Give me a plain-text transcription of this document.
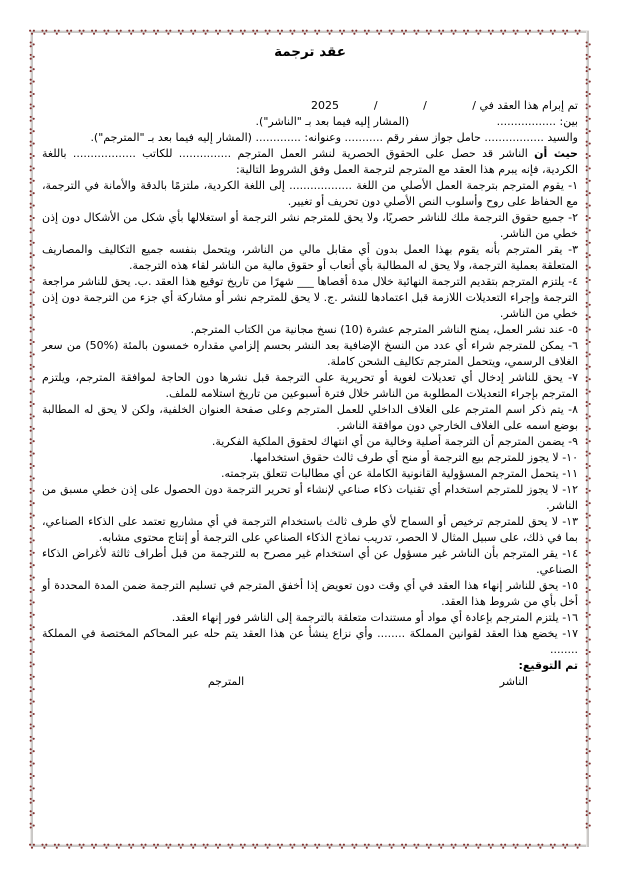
عقد ترجمة

تم إبرام هذا العقد في /             /             /          2025

بين: .................                         (المشار إليه فيما بعد بـ "الناشر").

والسيد ................. حامل جواز سفر رقم ........... وعنوانه: ............. (المشار إليه فيما بعد بـ "المترجم").

حيث أن الناشر قد حصل على الحقوق الحصرية لنشر العمل المترجم ............... للكاتب .................. باللغة الكردية، فإنه يبرم هذا العقد مع المترجم لترجمة العمل وفق الشروط التالية:

١- يقوم المترجم بترجمة العمل الأصلي من اللغة .................. إلى اللغة الكردية، ملتزمًا بالدقة والأمانة في الترجمة، مع الحفاظ على روح وأسلوب النص الأصلي دون تحريف أو تغيير.

٢- جميع حقوق الترجمة ملك للناشر حصريًا، ولا يحق للمترجم نشر الترجمة أو استغلالها بأي شكل من الأشكال دون إذن خطي من الناشر.

٣- يقر المترجم بأنه يقوم بهذا العمل بدون أي مقابل مالي من الناشر، ويتحمل بنفسه جميع التكاليف والمصاريف المتعلقة بعملية الترجمة، ولا يحق له المطالبة بأي أتعاب أو حقوق مالية من الناشر لقاء هذه الترجمة.

٤- يلتزم المترجم بتقديم الترجمة النهائية خلال مدة أقصاها ___ شهرًا من تاريخ توقيع هذا العقد .ب. يحق للناشر مراجعة الترجمة وإجراء التعديلات اللازمة قبل اعتمادها للنشر .ج. لا يحق للمترجم نشر أو مشاركة أي جزء من الترجمة دون إذن خطي من الناشر.

٥- عند نشر العمل، يمنح الناشر المترجم عشرة (10) نسخ مجانية من الكتاب المترجم.

٦- يمكن للمترجم شراء أي عدد من النسخ الإضافية بعد النشر بحسم إلزامي مقداره خمسون بالمئة (%50) من سعر الغلاف الرسمي، ويتحمل المترجم تكاليف الشحن كاملة.

٧- يحق للناشر إدخال أي تعديلات لغوية أو تحريرية على الترجمة قبل نشرها دون الحاجة لموافقة المترجم، ويلتزم المترجم بإجراء التعديلات المطلوبة من الناشر خلال فترة أسبوعين من تاريخ استلامه للملف.

٨- يتم ذكر اسم المترجم على الغلاف الداخلي للعمل المترجم وعلى صفحة العنوان الخلفية، ولكن لا يحق له المطالبة بوضع اسمه على الغلاف الخارجي دون موافقة الناشر.

٩- يضمن المترجم أن الترجمة أصلية وخالية من أي انتهاك لحقوق الملكية الفكرية.

١٠- لا يجوز للمترجم بيع الترجمة أو منح أي طرف ثالث حقوق استخدامها.

١١- يتحمل المترجم المسؤولية القانونية الكاملة عن أي مطالبات تتعلق بترجمته.

١٢- لا يجوز للمترجم استخدام أي تقنيات ذكاء صناعي لإنشاء أو تحرير الترجمة دون الحصول على إذن خطي مسبق من الناشر.

١٣- لا يحق للمترجم ترخيص أو السماح لأي طرف ثالث باستخدام الترجمة في أي مشاريع تعتمد على الذكاء الصناعي، بما في ذلك، على سبيل المثال لا الحصر، تدريب نماذج الذكاء الصناعي على الترجمة أو إنتاج محتوى مشابه.

١٤- يقر المترجم بأن الناشر غير مسؤول عن أي استخدام غير مصرح به للترجمة من قبل أطراف ثالثة لأغراض الذكاء الصناعي.

١٥- يحق للناشر إنهاء هذا العقد في أي وقت دون تعويض إذا أخفق المترجم في تسليم الترجمة ضمن المدة المحددة أو أخل بأي من شروط هذا العقد.

١٦- يلتزم المترجم بإعادة أي مواد أو مستندات متعلقة بالترجمة إلى الناشر فور إنهاء العقد.

١٧- يخضع هذا العقد لقوانين المملكة ........ وأي نزاع ينشأ عن هذا العقد يتم حله عبر المحاكم المختصة في المملكة ........

تم التوقيع:

الناشر المترجم
